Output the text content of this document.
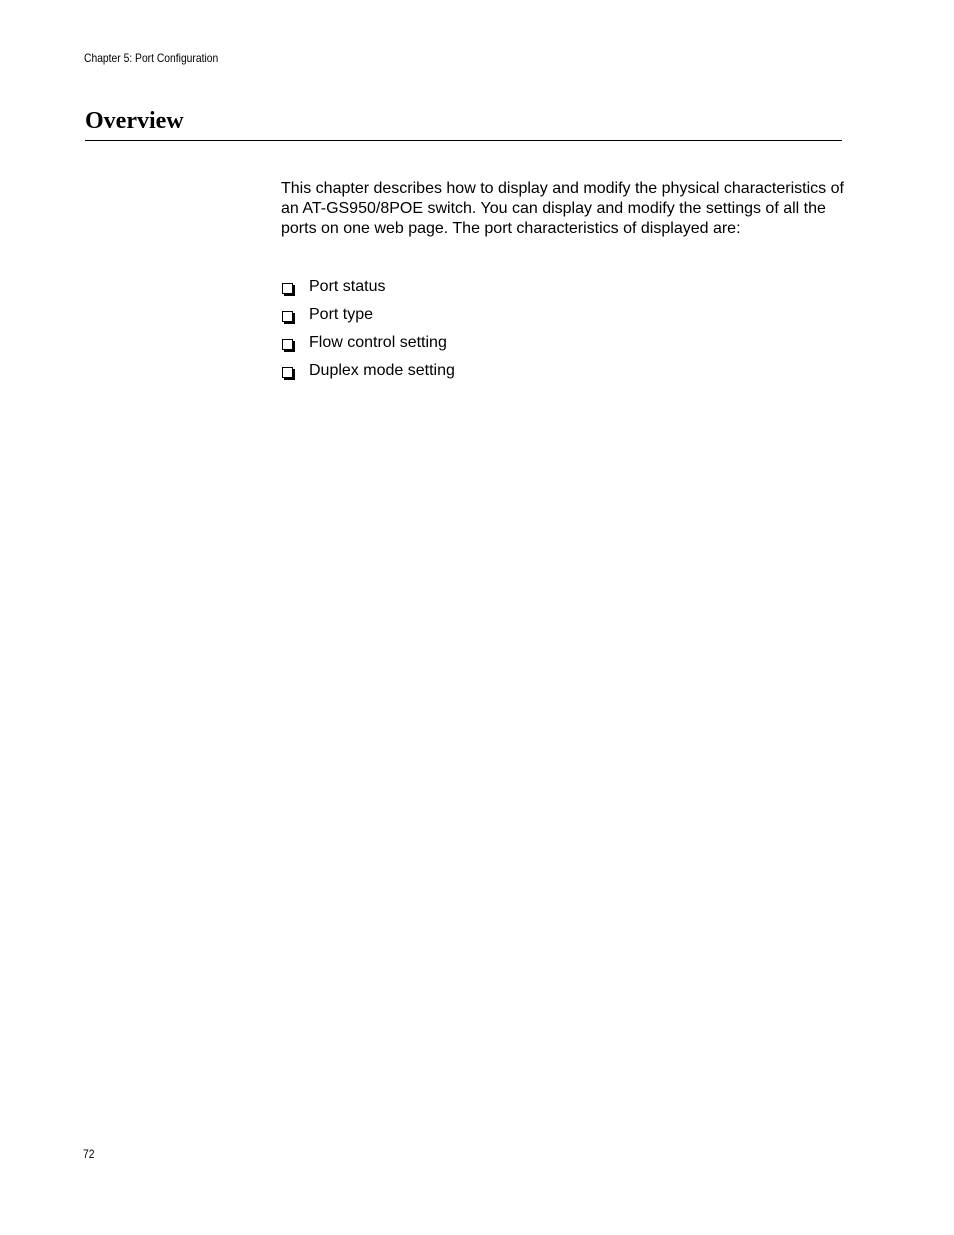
Chapter 5: Port Configuration
Overview

This chapter describes how to display and modify the physical characteristics of an AT-GS950/8POE switch. You can display and modify the settings of all the ports on one web page. The port characteristics of displayed are:

Port status
Port type
Flow control setting
Duplex mode setting
72
